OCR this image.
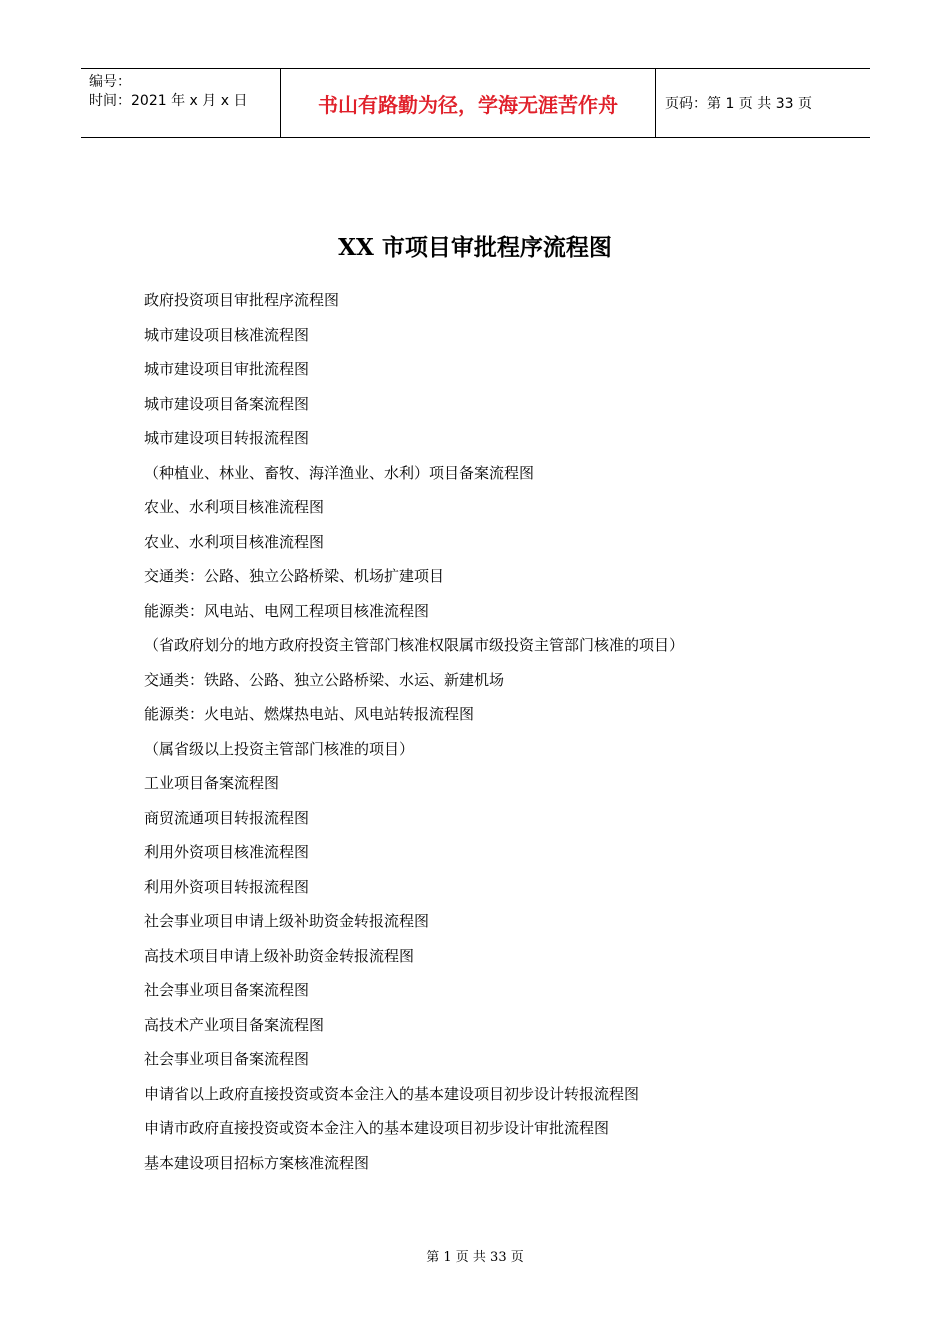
编号：
时间：2021 年 x 月 x 日	书山有路勤为径，学海无涯苦作舟	页码：第 1 页 共 33 页
XX 市项目审批程序流程图
政府投资项目审批程序流程图
城市建设项目核准流程图
城市建设项目审批流程图
城市建设项目备案流程图
城市建设项目转报流程图
（种植业、林业、畜牧、海洋渔业、水利）项目备案流程图
农业、水利项目核准流程图
农业、水利项目核准流程图
交通类：公路、独立公路桥梁、机场扩建项目
能源类：风电站、电网工程项目核准流程图
（省政府划分的地方政府投资主管部门核准权限属市级投资主管部门核准的项目）
交通类：铁路、公路、独立公路桥梁、水运、新建机场
能源类：火电站、燃煤热电站、风电站转报流程图
（属省级以上投资主管部门核准的项目）
工业项目备案流程图
商贸流通项目转报流程图
利用外资项目核准流程图
利用外资项目转报流程图
社会事业项目申请上级补助资金转报流程图
高技术项目申请上级补助资金转报流程图
社会事业项目备案流程图
高技术产业项目备案流程图
社会事业项目备案流程图
申请省以上政府直接投资或资本金注入的基本建设项目初步设计转报流程图
申请市政府直接投资或资本金注入的基本建设项目初步设计审批流程图
基本建设项目招标方案核准流程图
第 1 页 共 33 页
